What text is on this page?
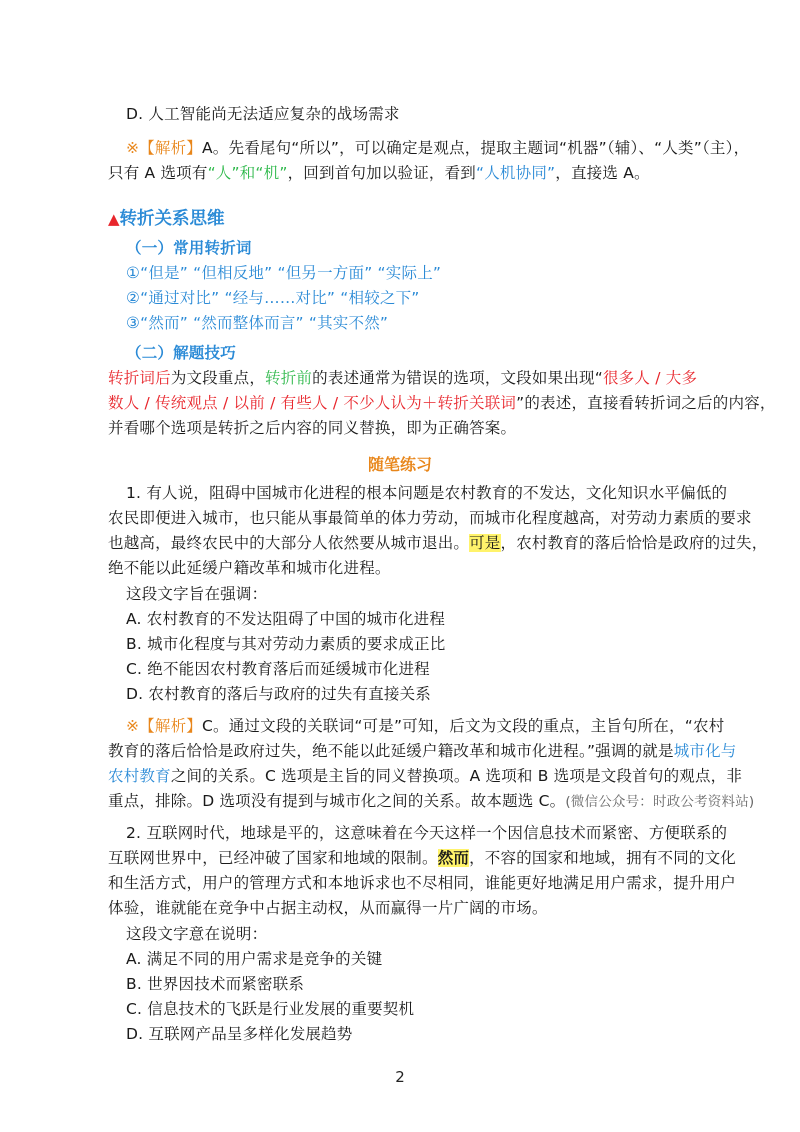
D. 人工智能尚无法适应复杂的战场需求
※【解析】A。先看尾句“所以”，可以确定是观点，提取主题词“机器”（辅）、“人类”（主），
只有 A 选项有“人”和“机”，回到首句加以验证，看到“人机协同”，直接选 A。
▲转折关系思维
（一）常用转折词
①“但是” “但相反地” “但另一方面” “实际上”
②“通过对比” “经与……对比” “相较之下”
③“然而” “然而整体而言” “其实不然”
（二）解题技巧
转折词后为文段重点，转折前的表述通常为错误的选项，文段如果出现“很多人 / 大多
数人 / 传统观点 / 以前 / 有些人 / 不少人认为＋转折关联词”的表述，直接看转折词之后的内容，
并看哪个选项是转折之后内容的同义替换，即为正确答案。
随笔练习
1. 有人说，阻碍中国城市化进程的根本问题是农村教育的不发达，文化知识水平偏低的
农民即便进入城市，也只能从事最简单的体力劳动，而城市化程度越高，对劳动力素质的要求
也越高，最终农民中的大部分人依然要从城市退出。可是，农村教育的落后恰恰是政府的过失，
绝不能以此延缓户籍改革和城市化进程。
这段文字旨在强调：
A. 农村教育的不发达阻碍了中国的城市化进程
B. 城市化程度与其对劳动力素质的要求成正比
C. 绝不能因农村教育落后而延缓城市化进程
D. 农村教育的落后与政府的过失有直接关系
※【解析】C。通过文段的关联词“可是”可知，后文为文段的重点，主旨句所在，“农村
教育的落后恰恰是政府过失，绝不能以此延缓户籍改革和城市化进程。”强调的就是城市化与
农村教育之间的关系。C 选项是主旨的同义替换项。A 选项和 B 选项是文段首句的观点，非
重点，排除。D 选项没有提到与城市化之间的关系。故本题选 C。(微信公众号：时政公考资料站)
2. 互联网时代，地球是平的，这意味着在今天这样一个因信息技术而紧密、方便联系的
互联网世界中，已经冲破了国家和地域的限制。然而，不容的国家和地域，拥有不同的文化
和生活方式，用户的管理方式和本地诉求也不尽相同，谁能更好地满足用户需求，提升用户
体验，谁就能在竞争中占据主动权，从而赢得一片广阔的市场。
这段文字意在说明：
A. 满足不同的用户需求是竞争的关键
B. 世界因技术而紧密联系
C. 信息技术的飞跃是行业发展的重要契机
D. 互联网产品呈多样化发展趋势
2
